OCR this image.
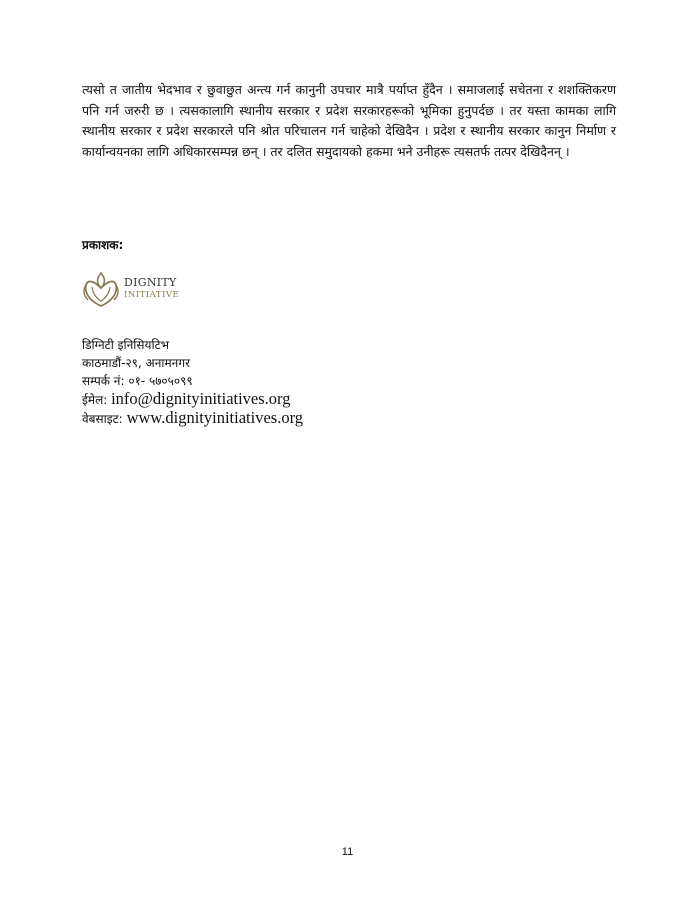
त्यसो त जातीय भेदभाव र छुवाछुत अन्त्य गर्न कानुनी उपचार मात्रै पर्याप्त हुँदैन । समाजलाई सचेतना र शशक्तिकरण पनि गर्न जरुरी छ । त्यसकालागि स्थानीय सरकार र प्रदेश सरकारहरूको भूमिका हुनुपर्दछ । तर यस्ता कामका लागि स्थानीय सरकार र प्रदेश सरकारले पनि श्रोत परिचालन गर्न चाहेको देखिदैन । प्रदेश र स्थानीय सरकार कानुन निर्माण र कार्यान्वयनका लागि अधिकारसम्पन्न छन् । तर दलित समुदायको हकमा भने उनीहरू त्यसतर्फ तत्पर देखिदैनन् ।

प्रकाशक:
DIGNITY
INITIATIVE
डिग्निटी इनिसियटिभ
काठमाडौं-२९, अनामनगर
सम्पर्क नं: ०१- ५७०५०९९
ईमेल: info@dignityinitiatives.org
वेबसाइट: www.dignityinitiatives.org
11
